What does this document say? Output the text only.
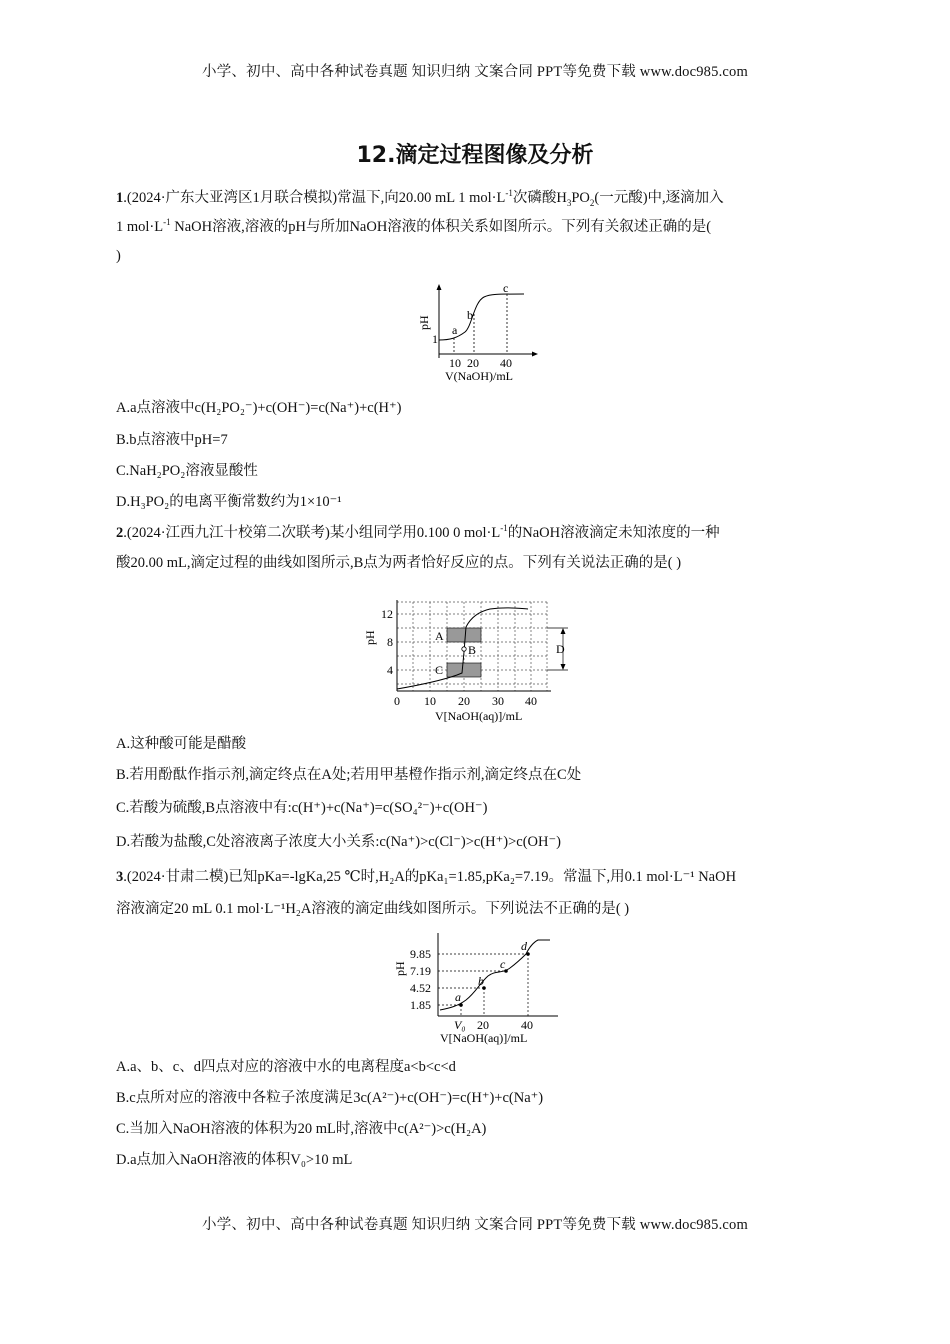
小学、初中、高中各种试卷真题 知识归纳 文案合同 PPT等免费下载 www.doc985.com
12.滴定过程图像及分析
1.(2024·广东大亚湾区1月联合模拟)常温下,向20.00 mL 1 $mol\cdot L^{-1}$次磷酸$H_3PO_2$(一元酸)中,逐滴加入
1 $mol\cdot L^{-1}$ NaOH溶液,溶液的pH与所加NaOH溶液的体积关系如图所示。下列有关叙述正确的是(
)
a
b
c
1
pH
10 20 40
V(NaOH)/mL
A.a点溶液中c(H₂PO₂⁻)+c(OH⁻)=c(Na⁺)+c(H⁺)
B.b点溶液中pH=7
C.NaH₂PO₂溶液显酸性
D.H₃PO₂的电离平衡常数约为1×10⁻¹
2.(2024·江西九江十校第二次联考)某小组同学用0.100 0 $mol\cdot L^{-1}$的NaOH溶液滴定未知浓度的一种
酸20.00 mL,滴定过程的曲线如图所示,B点为两者恰好反应的点。下列有关说法正确的是( )
A
B
C
D
12
8
4
pH
0 10 20 30 40
V[NaOH(aq)]/mL
A.这种酸可能是醋酸
B.若用酚酞作指示剂,滴定终点在A处;若用甲基橙作指示剂,滴定终点在C处
C.若酸为硫酸,B点溶液中有:c(H⁺)+c(Na⁺)=c(SO₄²⁻)+c(OH⁻)
D.若酸为盐酸,C处溶液离子浓度大小关系:c(Na⁺)>c(Cl⁻)>c(H⁺)>c(OH⁻)
3.(2024·甘肃二模)已知pKa=-lgKa,25 ℃时,H₂A的pKa₁=1.85,pKa₂=7.19。常温下,用0.1 mol·L⁻¹ NaOH
溶液滴定20 mL 0.1 mol·L⁻¹H₂A溶液的滴定曲线如图所示。下列说法不正确的是( )
a
b
c
d
9.85
7.19
4.52
1.85
pH
V₀ 20	40
V[NaOH(aq)]/mL
A.a、b、c、d四点对应的溶液中水的电离程度a<b<c<d
B.c点所对应的溶液中各粒子浓度满足3c(A²⁻)+c(OH⁻)=c(H⁺)+c(Na⁺)
C.当加入NaOH溶液的体积为20 mL时,溶液中c(A²⁻)>c(H₂A)
D.a点加入NaOH溶液的体积V₀>10 mL
小学、初中、高中各种试卷真题 知识归纳 文案合同 PPT等免费下载 www.doc985.com
